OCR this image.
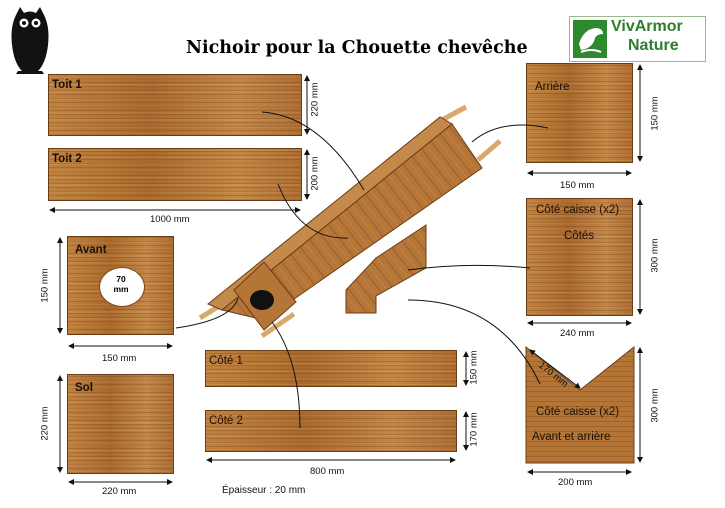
Nichoir pour la Chouette chevêche
VivArmor
Nature
Toit 1	220 mm
Toit 2	200 mm
1000 mm
Arrière
150 mm
150 mm
Côté caisse (x2)
Côtés
300 mm
240 mm
Avant
70
mm
150 mm
150 mm	Côté 1	150 mm
Côté 2	170 mm
800 mm
Sol
220 mm
220 mm
170 mm
Côté caisse (x2)
Avant et arrière
300 mm
200 mm
Épaisseur : 20 mm
